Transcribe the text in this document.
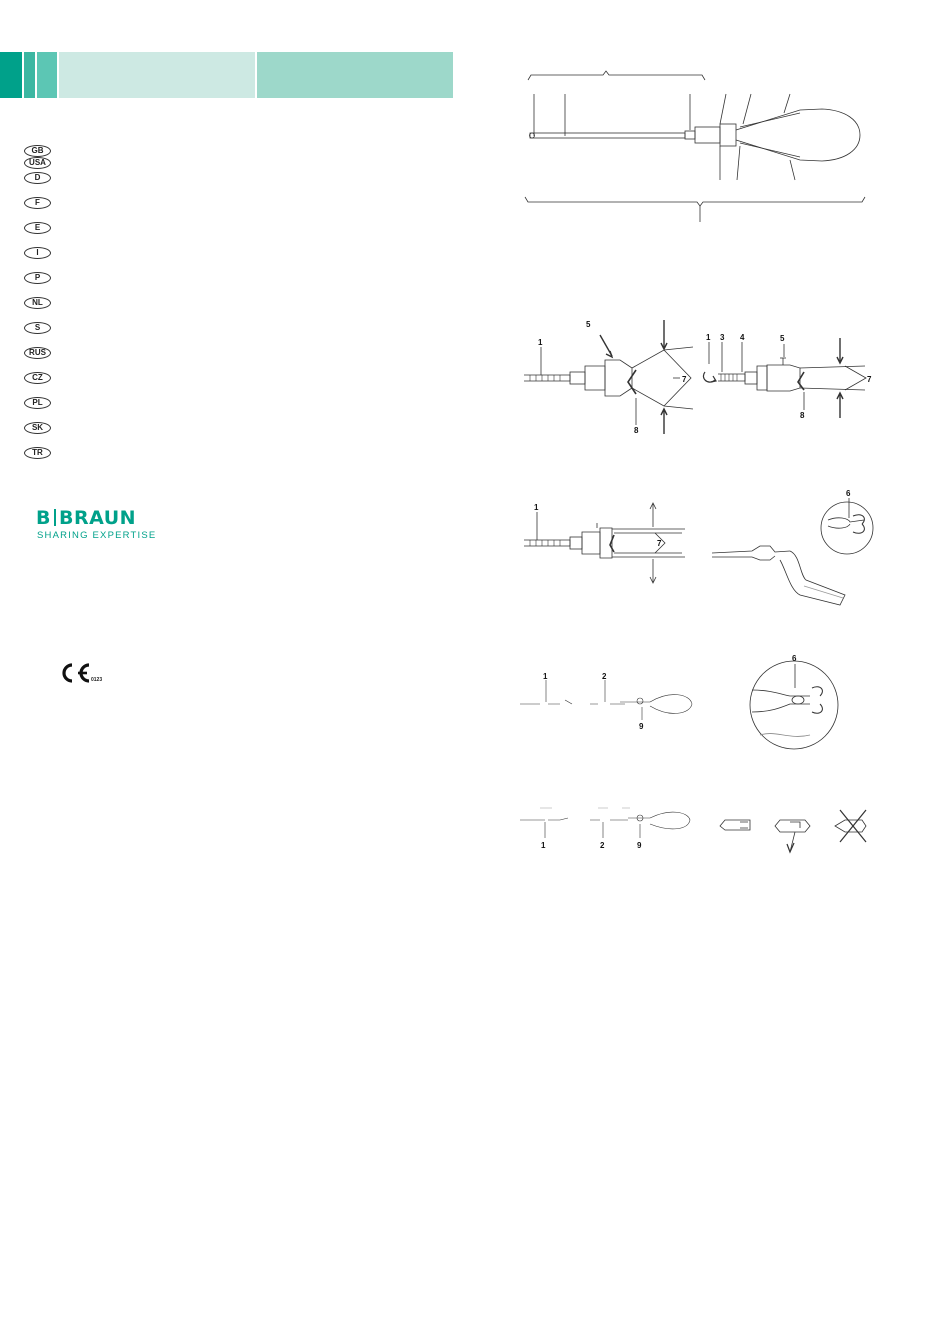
GB
USA
D
F
E
I
P
NL
S
RUS
CZ
PL
SK
TR
B BRAUN
SHARING EXPERTISE
0123
1
5
7
8
1 3 4	5
7
8
1
7
6
1	2
9
6
1	2	9
